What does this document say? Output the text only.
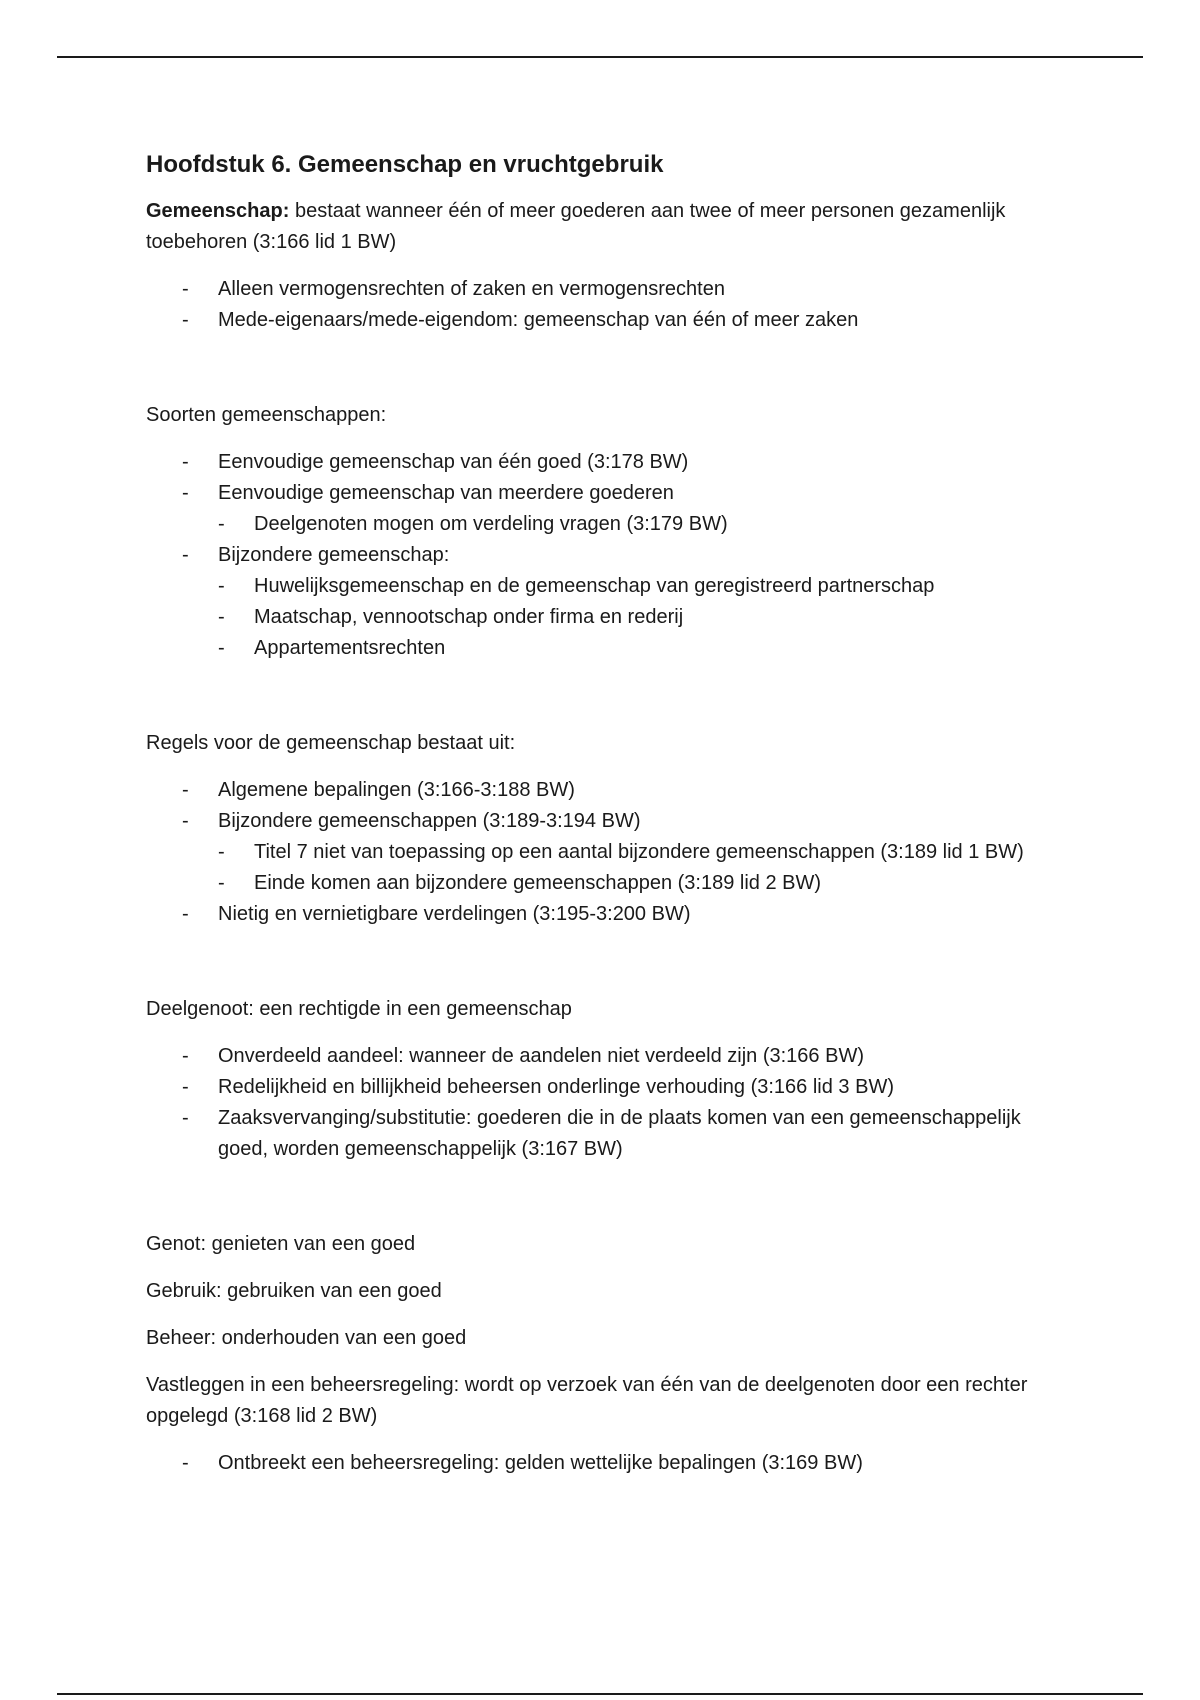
Hoofdstuk 6. Gemeenschap en vruchtgebruik

Gemeenschap: bestaat wanneer één of meer goederen aan twee of meer personen gezamenlijk toebehoren (3:166 lid 1 BW)

- Alleen vermogensrechten of zaken en vermogensrechten
- Mede-eigenaars/mede-eigendom: gemeenschap van één of meer zaken

Soorten gemeenschappen:

- Eenvoudige gemeenschap van één goed (3:178 BW)
- Eenvoudige gemeenschap van meerdere goederen
- Deelgenoten mogen om verdeling vragen (3:179 BW)
- Bijzondere gemeenschap:
- Huwelijksgemeenschap en de gemeenschap van geregistreerd partnerschap
- Maatschap, vennootschap onder firma en rederij
- Appartementsrechten

Regels voor de gemeenschap bestaat uit:

- Algemene bepalingen (3:166-3:188 BW)
- Bijzondere gemeenschappen (3:189-3:194 BW)
- Titel 7 niet van toepassing op een aantal bijzondere gemeenschappen (3:189 lid 1 BW)
- Einde komen aan bijzondere gemeenschappen (3:189 lid 2 BW)
- Nietig en vernietigbare verdelingen (3:195-3:200 BW)

Deelgenoot: een rechtigde in een gemeenschap

- Onverdeeld aandeel: wanneer de aandelen niet verdeeld zijn (3:166 BW)
- Redelijkheid en billijkheid beheersen onderlinge verhouding (3:166 lid 3 BW)
- Zaaksvervanging/substitutie: goederen die in de plaats komen van een gemeenschappelijk goed, worden gemeenschappelijk (3:167 BW)

Genot: genieten van een goed

Gebruik: gebruiken van een goed

Beheer: onderhouden van een goed

Vastleggen in een beheersregeling: wordt op verzoek van één van de deelgenoten door een rechter opgelegd (3:168 lid 2 BW)

- Ontbreekt een beheersregeling: gelden wettelijke bepalingen (3:169 BW)
